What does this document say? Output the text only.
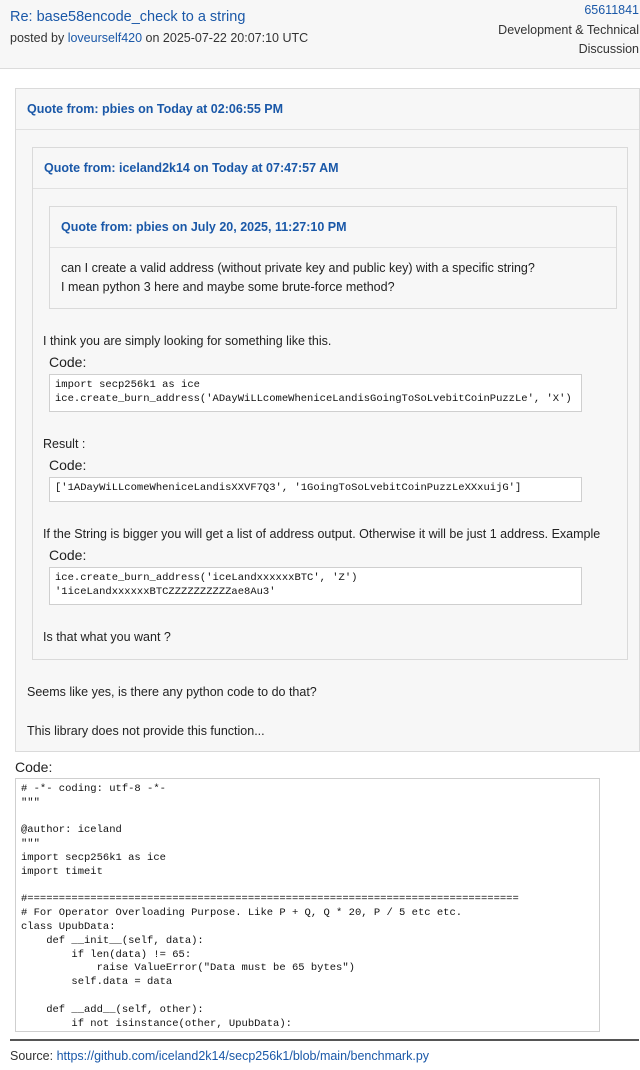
Re: base58encode_check to a string
posted by loveurself420 on 2025-07-22 20:07:10 UTC
65611841
Development & Technical
Discussion
Quote from: pbies on Today at 02:06:55 PM
Quote from: iceland2k14 on Today at 07:47:57 AM
Quote from: pbies on July 20, 2025, 11:27:10 PM
can I create a valid address (without private key and public key) with a specific string?
I mean python 3 here and maybe some brute-force method?
I think you are simply looking for something like this.
Code:
import secp256k1 as ice
ice.create_burn_address('ADayWiLLcomeWheniceLandisGoingToSoLvebitCoinPuzzLe', 'X')
Result :
Code:
['1ADayWiLLcomeWheniceLandisXXVF7Q3', '1GoingToSoLvebitCoinPuzzLeXXxuijG']
If the String is bigger you will get a list of address output. Otherwise it will be just 1 address. Example
Code:
ice.create_burn_address('iceLandxxxxxxBTC', 'Z')
'1iceLandxxxxxxBTCZZZZZZZZZZae8Au3'
Is that what you want ?
Seems like yes, is there any python code to do that?
This library does not provide this function...
Code:
# -*- coding: utf-8 -*-
"""

@author: iceland
"""
import secp256k1 as ice
import timeit

#==============================================================================
# For Operator Overloading Purpose. Like P + Q, Q * 20, P / 5 etc etc.
class UpubData:
def __init__(self, data):
if len(data) != 65:
raise ValueError("Data must be 65 bytes")
self.data = data

def __add__(self, other):
if not isinstance(other, UpubData):
Source: https://github.com/iceland2k14/secp256k1/blob/main/benchmark.py
